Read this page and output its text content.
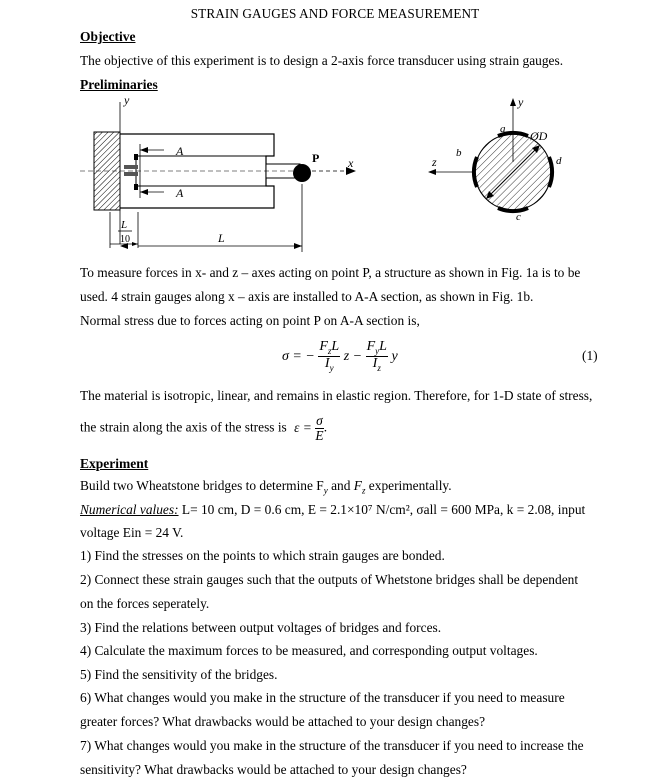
STRAIN GAUGES AND FORCE MEASUREMENT
Objective
The objective of this experiment is to design a 2-axis force transducer using strain gauges.
Preliminaries
y
x
P
A
A
L
10	L
y
z
a ØD
b
d
c
To measure forces in x- and z – axes acting on point P, a structure as shown in Fig. 1a is to be
used. 4 strain gauges along x – axis are installed to A-A section, as shown in Fig. 1b.
Normal stress due to forces acting on point P on A-A section is,
σ = − $\frac{F_zL}{I_y}$ $z - \frac{F_yL}{I_z}$ y	(1)
The material is isotropic, linear, and remains in elastic region. Therefore, for 1-D state of stress,
the strain along the axis of the stress is $\varepsilon = \frac{\sigma}{E}$ .
Experiment
Build two Wheatstone bridges to determine $F_y$ and $F_z$ experimentally.
Numerical values: L= 10 cm, D = 0.6 cm, E = 2.1×10⁷ N/cm², σall = 600 MPa, k = 2.08, input
voltage Ein = 24 V.
1) Find the stresses on the points to which strain gauges are bonded.
2) Connect these strain gauges such that the outputs of Whetstone bridges shall be dependent
on the forces seperately.
3) Find the relations between output voltages of bridges and forces.
4) Calculate the maximum forces to be measured, and corresponding output voltages.
5) Find the sensitivity of the bridges.
6) What changes would you make in the structure of the transducer if you need to measure
greater forces? What drawbacks would be attached to your design changes?
7) What changes would you make in the structure of the transducer if you need to increase the
sensitivity? What drawbacks would be attached to your design changes?
